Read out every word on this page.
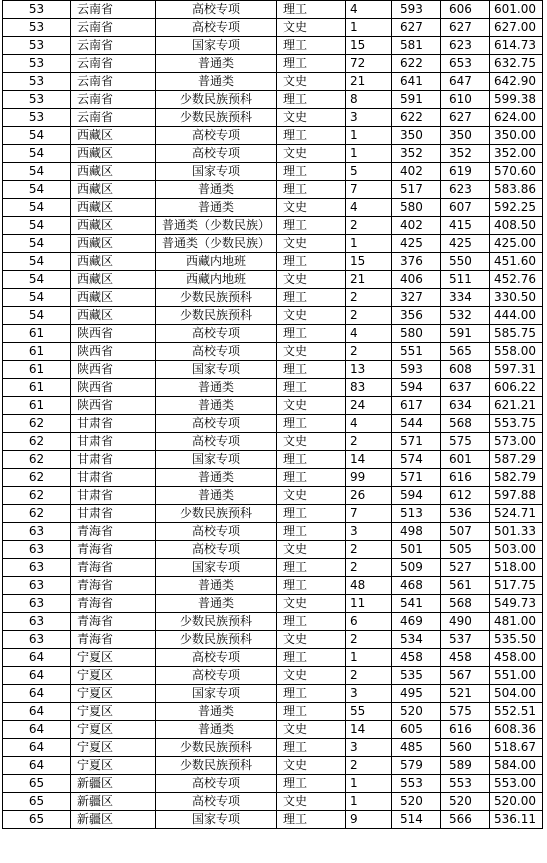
53	云南省	高校专项	理工	4	593	606	601.00
53	云南省	高校专项	文史	1	627	627	627.00
53	云南省	国家专项	理工	15	581	623	614.73
53	云南省	普通类	理工	72	622	653	632.75
53	云南省	普通类	文史	21	641	647	642.90
53	云南省	少数民族预科	理工	8	591	610	599.38
53	云南省	少数民族预科	文史	3	622	627	624.00
54	西藏区	高校专项	理工	1	350	350	350.00
54	西藏区	高校专项	文史	1	352	352	352.00
54	西藏区	国家专项	理工	5	402	619	570.60
54	西藏区	普通类	理工	7	517	623	583.86
54	西藏区	普通类	文史	4	580	607	592.25
54	西藏区	普通类（少数民族）	理工	2	402	415	408.50
54	西藏区	普通类（少数民族）	文史	1	425	425	425.00
54	西藏区	西藏内地班	理工	15	376	550	451.60
54	西藏区	西藏内地班	文史	21	406	511	452.76
54	西藏区	少数民族预科	理工	2	327	334	330.50
54	西藏区	少数民族预科	文史	2	356	532	444.00
61	陕西省	高校专项	理工	4	580	591	585.75
61	陕西省	高校专项	文史	2	551	565	558.00
61	陕西省	国家专项	理工	13	593	608	597.31
61	陕西省	普通类	理工	83	594	637	606.22
61	陕西省	普通类	文史	24	617	634	621.21
62	甘肃省	高校专项	理工	4	544	568	553.75
62	甘肃省	高校专项	文史	2	571	575	573.00
62	甘肃省	国家专项	理工	14	574	601	587.29
62	甘肃省	普通类	理工	99	571	616	582.79
62	甘肃省	普通类	文史	26	594	612	597.88
62	甘肃省	少数民族预科	理工	7	513	536	524.71
63	青海省	高校专项	理工	3	498	507	501.33
63	青海省	高校专项	文史	2	501	505	503.00
63	青海省	国家专项	理工	2	509	527	518.00
63	青海省	普通类	理工	48	468	561	517.75
63	青海省	普通类	文史	11	541	568	549.73
63	青海省	少数民族预科	理工	6	469	490	481.00
63	青海省	少数民族预科	文史	2	534	537	535.50
64	宁夏区	高校专项	理工	1	458	458	458.00
64	宁夏区	高校专项	文史	2	535	567	551.00
64	宁夏区	国家专项	理工	3	495	521	504.00
64	宁夏区	普通类	理工	55	520	575	552.51
64	宁夏区	普通类	文史	14	605	616	608.36
64	宁夏区	少数民族预科	理工	3	485	560	518.67
64	宁夏区	少数民族预科	文史	2	579	589	584.00
65	新疆区	高校专项	理工	1	553	553	553.00
65	新疆区	高校专项	文史	1	520	520	520.00
65	新疆区	国家专项	理工	9	514	566	536.11
